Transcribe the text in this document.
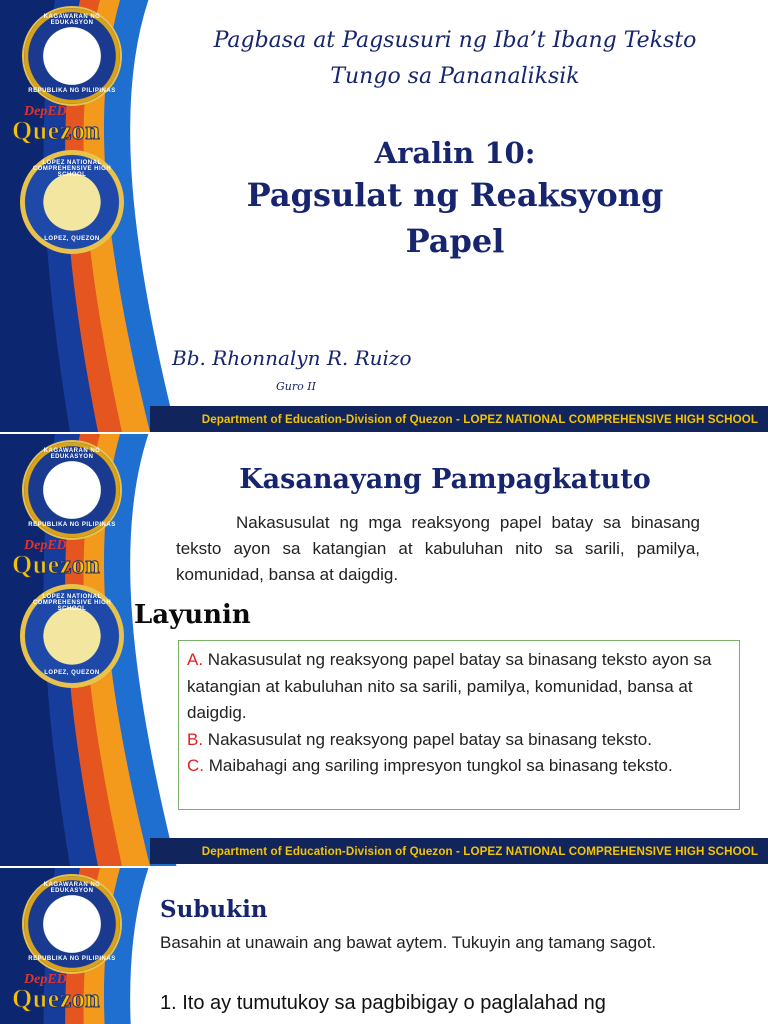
KAGAWARAN NG EDUKASYON
REPUBLIKA NG PILIPINAS
DepED
Quezon
LOPEZ NATIONAL COMPREHENSIVE HIGH SCHOOL
LOPEZ, QUEZON
Pagbasa at Pagsusuri ng Iba’t Ibang Teksto
Tungo sa Pananaliksik
Aralin 10:
Pagsulat ng Reaksyong
Papel
Bb. Rhonnalyn R. Ruizo
Guro II
Department of Education-Division of Quezon - LOPEZ NATIONAL COMPREHENSIVE HIGH SCHOOL
KAGAWARAN NG EDUKASYON
REPUBLIKA NG PILIPINAS
DepED
Quezon
LOPEZ NATIONAL COMPREHENSIVE HIGH SCHOOL
LOPEZ, QUEZON
Kasanayang Pampagkatuto
Nakasusulat ng mga reaksyong papel batay sa binasang teksto ayon sa katangian at kabuluhan nito sa sarili, pamilya, komunidad, bansa at daigdig.
Layunin
A. Nakasusulat ng reaksyong papel batay sa binasang teksto ayon sa katangian at kabuluhan nito sa sarili, pamilya, komunidad, bansa at daigdig.
B. Nakasusulat ng reaksyong papel batay sa binasang teksto.
C. Maibahagi ang sariling impresyon tungkol sa binasang teksto.
Department of Education-Division of Quezon - LOPEZ NATIONAL COMPREHENSIVE HIGH SCHOOL
KAGAWARAN NG EDUKASYON
REPUBLIKA NG PILIPINAS
DepED
Quezon
Subukin
Basahin at unawain ang bawat aytem. Tukuyin ang tamang sagot.
1. Ito ay tumutukoy sa pagbibigay o paglalahad ng
